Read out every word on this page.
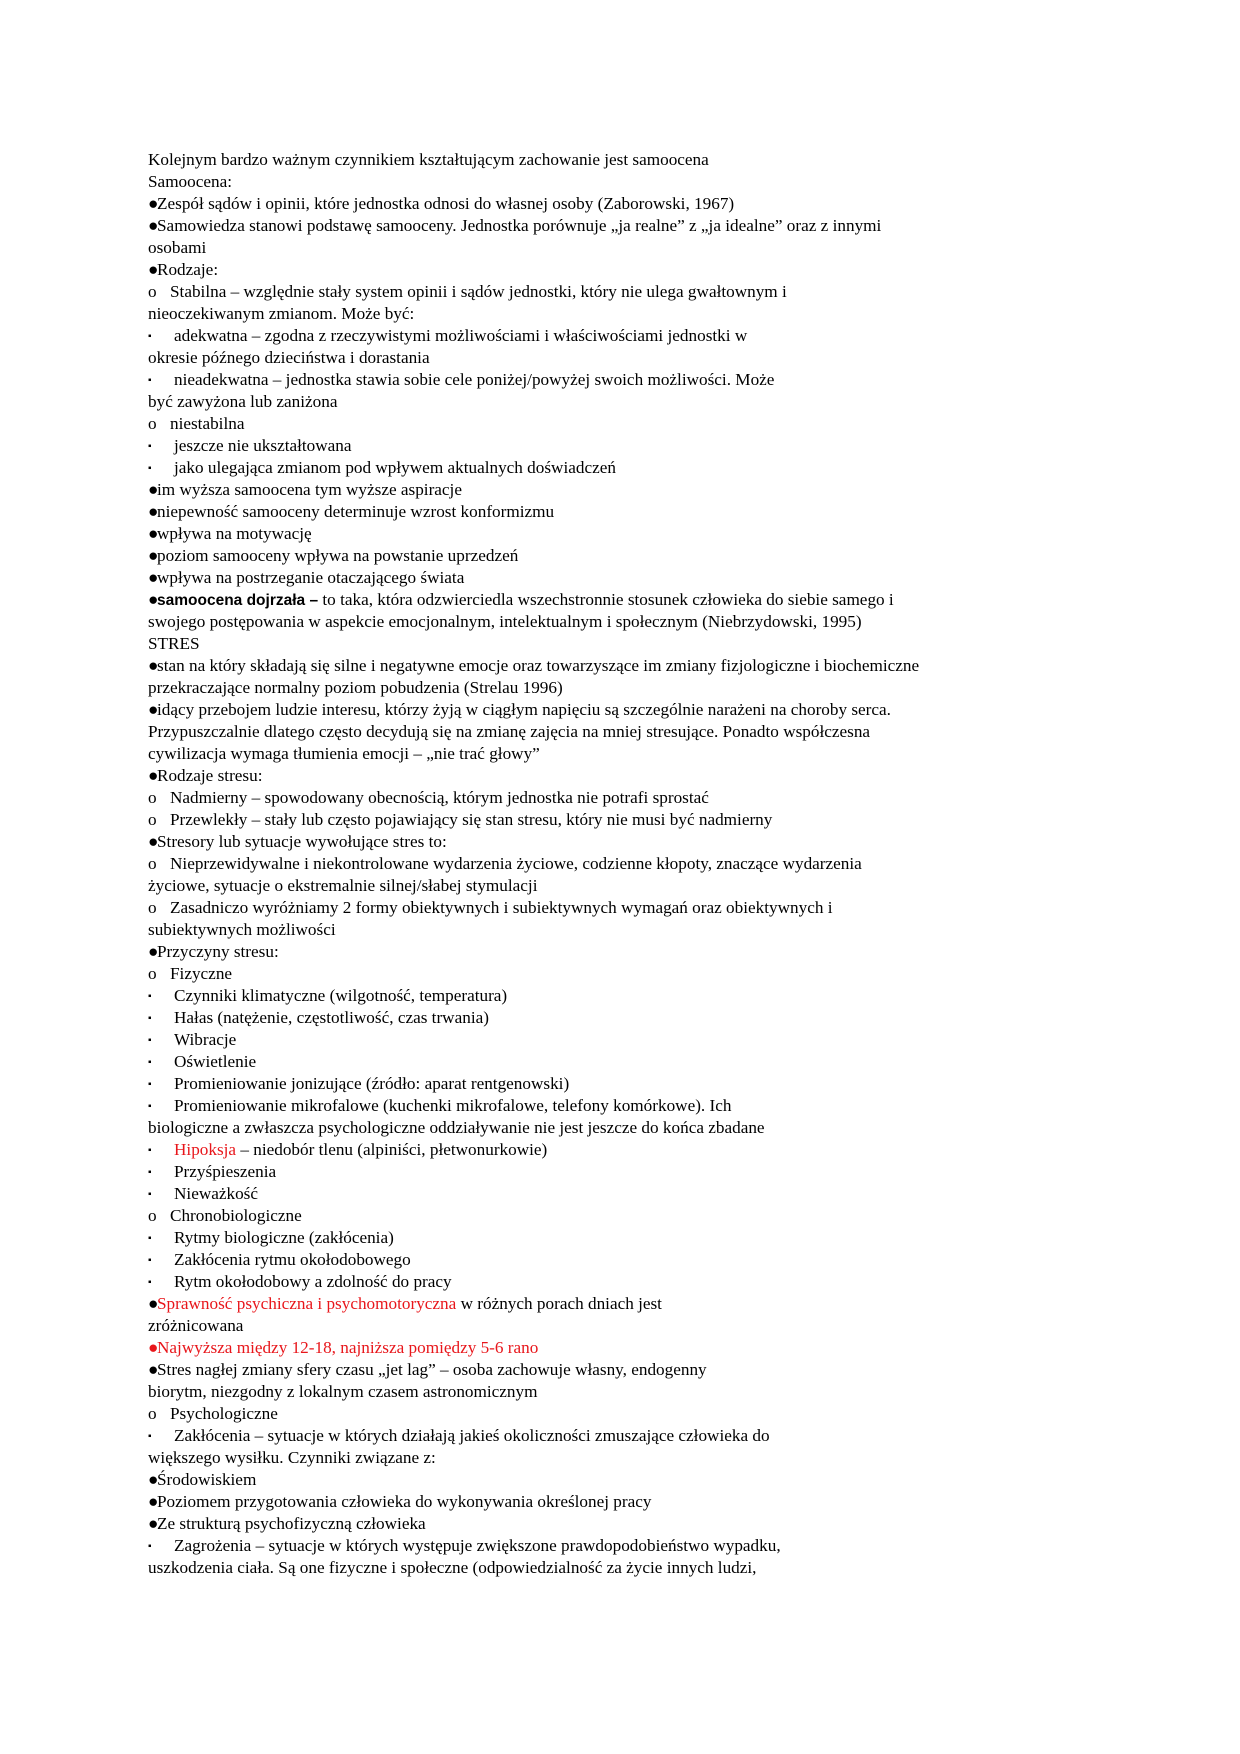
Kolejnym bardzo ważnym czynnikiem kształtującym zachowanie jest samoocena
Samoocena:
●Zespół sądów i opinii, które jednostka odnosi do własnej osoby (Zaborowski, 1967)
●Samowiedza stanowi podstawę samooceny. Jednostka porównuje „ja realne” z „ja idealne” oraz z innymi
osobami
●Rodzaje:
o Stabilna – względnie stały system opinii i sądów jednostki, który nie ulega gwałtownym i
nieoczekiwanym zmianom. Może być:
▪ adekwatna – zgodna z rzeczywistymi możliwościami i właściwościami jednostki w
okresie późnego dzieciństwa i dorastania
▪ nieadekwatna – jednostka stawia sobie cele poniżej/powyżej swoich możliwości. Może
być zawyżona lub zaniżona
o niestabilna
▪ jeszcze nie ukształtowana
▪ jako ulegająca zmianom pod wpływem aktualnych doświadczeń
●im wyższa samoocena tym wyższe aspiracje
●niepewność samooceny determinuje wzrost konformizmu
●wpływa na motywację
●poziom samooceny wpływa na powstanie uprzedzeń
●wpływa na postrzeganie otaczającego świata
●samoocena dojrzała – to taka, która odzwierciedla wszechstronnie stosunek człowieka do siebie samego i
swojego postępowania w aspekcie emocjonalnym, intelektualnym i społecznym (Niebrzydowski, 1995)
STRES
●stan na który składają się silne i negatywne emocje oraz towarzyszące im zmiany fizjologiczne i biochemiczne
przekraczające normalny poziom pobudzenia (Strelau 1996)
●idący przebojem ludzie interesu, którzy żyją w ciągłym napięciu są szczególnie narażeni na choroby serca.
Przypuszczalnie dlatego często decydują się na zmianę zajęcia na mniej stresujące. Ponadto współczesna
cywilizacja wymaga tłumienia emocji – „nie trać głowy”
●Rodzaje stresu:
o Nadmierny – spowodowany obecnością, którym jednostka nie potrafi sprostać
o Przewlekły – stały lub często pojawiający się stan stresu, który nie musi być nadmierny
●Stresory lub sytuacje wywołujące stres to:
o Nieprzewidywalne i niekontrolowane wydarzenia życiowe, codzienne kłopoty, znaczące wydarzenia
życiowe, sytuacje o ekstremalnie silnej/słabej stymulacji
o Zasadniczo wyróżniamy 2 formy obiektywnych i subiektywnych wymagań oraz obiektywnych i
subiektywnych możliwości
●Przyczyny stresu:
o Fizyczne
▪ Czynniki klimatyczne (wilgotność, temperatura)
▪ Hałas (natężenie, częstotliwość, czas trwania)
▪ Wibracje
▪ Oświetlenie
▪ Promieniowanie jonizujące (źródło: aparat rentgenowski)
▪ Promieniowanie mikrofalowe (kuchenki mikrofalowe, telefony komórkowe). Ich
biologiczne a zwłaszcza psychologiczne oddziaływanie nie jest jeszcze do końca zbadane
▪ Hipoksja – niedobór tlenu (alpiniści, płetwonurkowie)
▪ Przyśpieszenia
▪ Nieważkość
o Chronobiologiczne
▪ Rytmy biologiczne (zakłócenia)
▪ Zakłócenia rytmu okołodobowego
▪ Rytm okołodobowy a zdolność do pracy
●Sprawność psychiczna i psychomotoryczna w różnych porach dniach jest
zróżnicowana
●Najwyższa między 12-18, najniższa pomiędzy 5-6 rano
●Stres nagłej zmiany sfery czasu „jet lag” – osoba zachowuje własny, endogenny
biorytm, niezgodny z lokalnym czasem astronomicznym
o Psychologiczne
▪ Zakłócenia – sytuacje w których działają jakieś okoliczności zmuszające człowieka do
większego wysiłku. Czynniki związane z:
●Środowiskiem
●Poziomem przygotowania człowieka do wykonywania określonej pracy
●Ze strukturą psychofizyczną człowieka
▪ Zagrożenia – sytuacje w których występuje zwiększone prawdopodobieństwo wypadku,
uszkodzenia ciała. Są one fizyczne i społeczne (odpowiedzialność za życie innych ludzi,
